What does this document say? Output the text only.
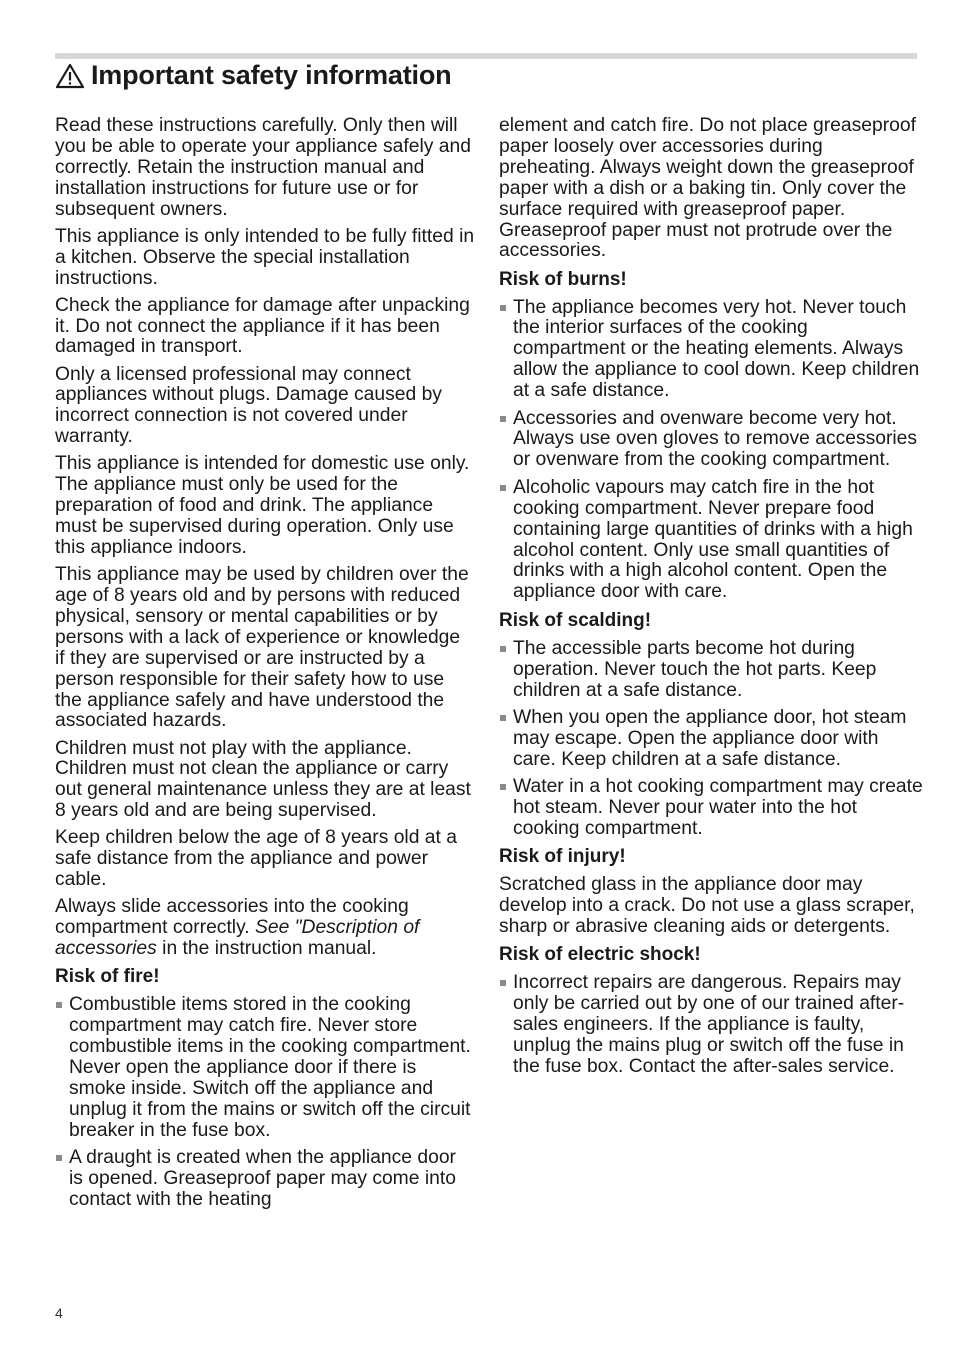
Important safety information

Read these instructions carefully. Only then will you be able to operate your appliance safely and correctly. Retain the instruction manual and installation instructions for future use or for subsequent owners.

This appliance is only intended to be fully fitted in a kitchen. Observe the special installation instructions.

Check the appliance for damage after unpacking it. Do not connect the appliance if it has been damaged in transport.

Only a licensed professional may connect appliances without plugs. Damage caused by incorrect connection is not covered under warranty.

This appliance is intended for domestic use only. The appliance must only be used for the preparation of food and drink. The appliance must be supervised during operation. Only use this appliance indoors.

This appliance may be used by children over the age of 8 years old and by persons with reduced physical, sensory or mental capabilities or by persons with a lack of experience or knowledge if they are supervised or are instructed by a person responsible for their safety how to use the appliance safely and have understood the associated hazards.

Children must not play with the appliance. Children must not clean the appliance or carry out general maintenance unless they are at least 8 years old and are being supervised.

Keep children below the age of 8 years old at a safe distance from the appliance and power cable.

Always slide accessories into the cooking compartment correctly. See "Description of accessories in the instruction manual.

Risk of fire!
Combustible items stored in the cooking compartment may catch fire. Never store combustible items in the cooking compartment. Never open the appliance door if there is smoke inside. Switch off the appliance and unplug it from the mains or switch off the circuit breaker in the fuse box.
A draught is created when the appliance door is opened. Greaseproof paper may come into contact with the heating

element and catch fire. Do not place greaseproof paper loosely over accessories during preheating. Always weight down the greaseproof paper with a dish or a baking tin. Only cover the surface required with greaseproof paper. Greaseproof paper must not protrude over the accessories.

Risk of burns!
The appliance becomes very hot. Never touch the interior surfaces of the cooking compartment or the heating elements. Always allow the appliance to cool down. Keep children at a safe distance.
Accessories and ovenware become very hot. Always use oven gloves to remove accessories or ovenware from the cooking compartment.
Alcoholic vapours may catch fire in the hot cooking compartment. Never prepare food containing large quantities of drinks with a high alcohol content. Only use small quantities of drinks with a high alcohol content. Open the appliance door with care.
Risk of scalding!
The accessible parts become hot during operation. Never touch the hot parts. Keep children at a safe distance.
When you open the appliance door, hot steam may escape. Open the appliance door with care. Keep children at a safe distance.
Water in a hot cooking compartment may create hot steam. Never pour water into the hot cooking compartment.
Risk of injury!

Scratched glass in the appliance door may develop into a crack. Do not use a glass scraper, sharp or abrasive cleaning aids or detergents.

Risk of electric shock!
Incorrect repairs are dangerous. Repairs may only be carried out by one of our trained after-sales engineers. If the appliance is faulty, unplug the mains plug or switch off the fuse in the fuse box. Contact the after-sales service.
4
